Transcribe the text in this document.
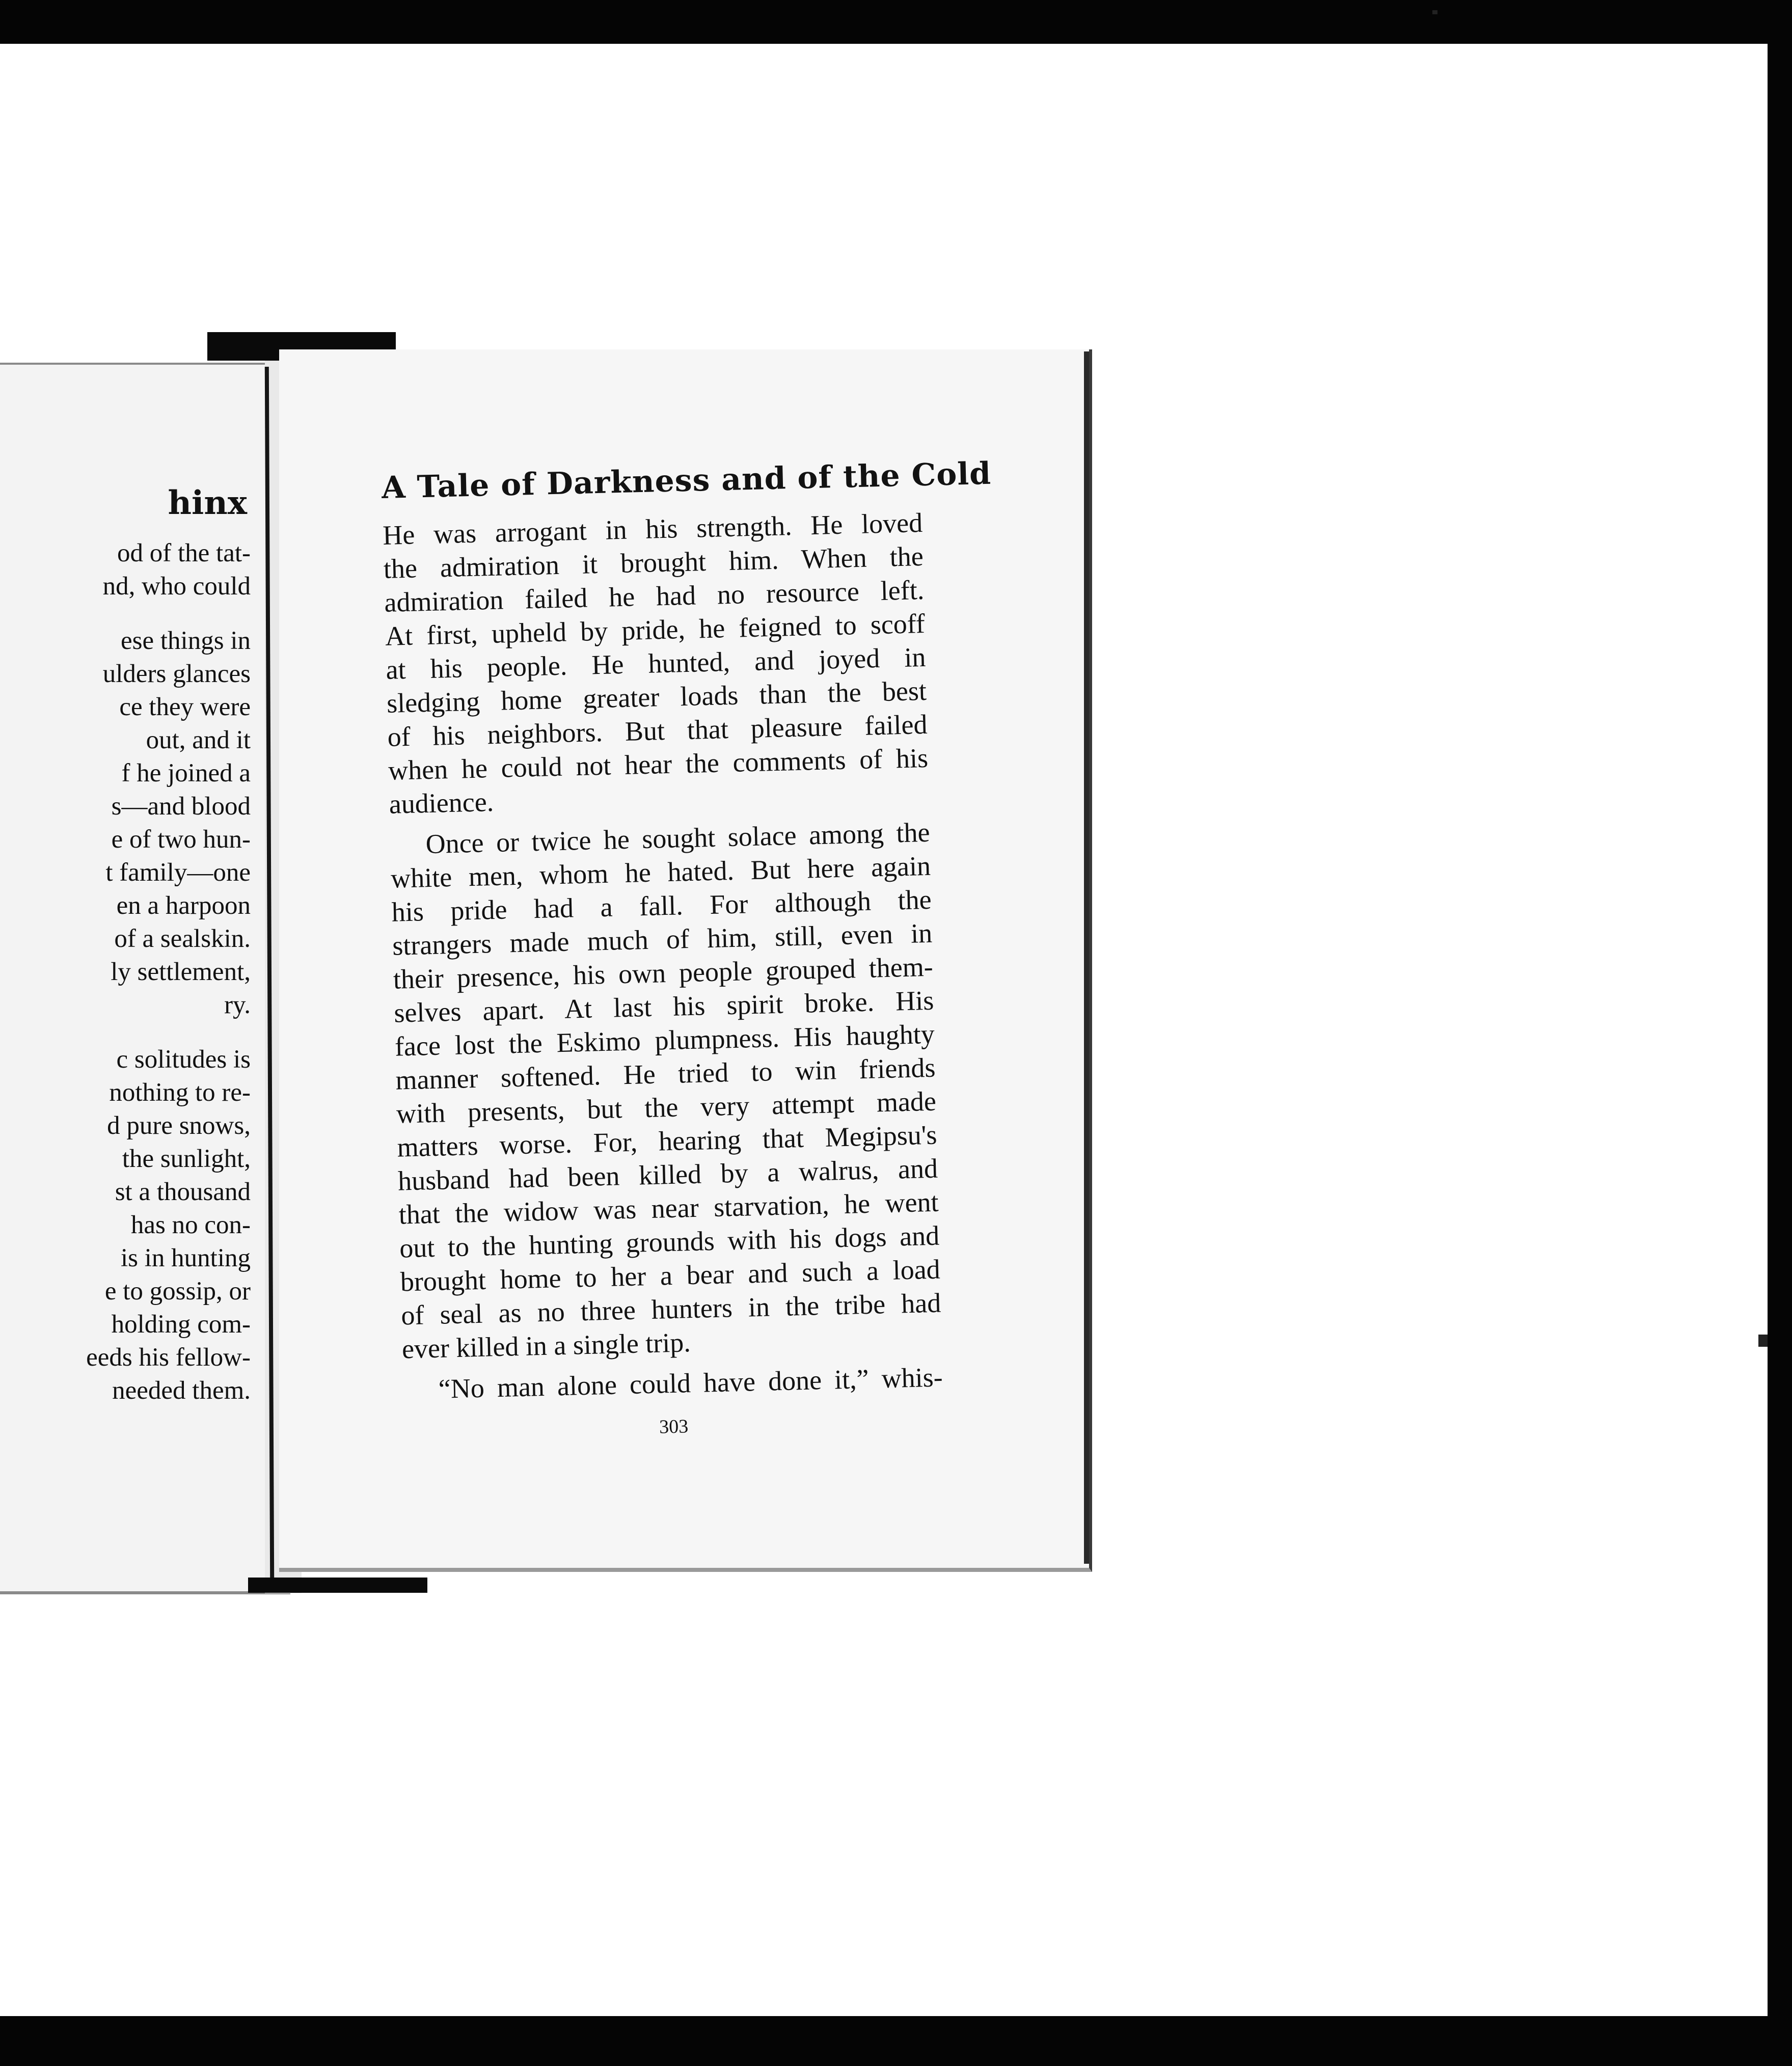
hinx
od of the tat-
nd, who could
ese things in
ulders glances
ce they were
out, and it
f he joined a
s—and blood
e of two hun-
t family—one
en a harpoon
of a sealskin.
ly settlement,
ry.
c solitudes is
nothing to re-
d pure snows,
the sunlight,
st a thousand
has no con-
is in hunting
e to gossip, or
holding com-
eeds his fellow-
needed them.
A Tale of Darkness and of the Cold

He was arrogant in his strength. He loved

the admiration it brought him. When the

admiration failed he had no resource left.

At first, upheld by pride, he feigned to scoff

at his people. He hunted, and joyed in

sledging home greater loads than the best

of his neighbors. But that pleasure failed

when he could not hear the comments of his

audience.

Once or twice he sought solace among the

white men, whom he hated. But here again

his pride had a fall. For although the

strangers made much of him, still, even in

their presence, his own people grouped them-

selves apart. At last his spirit broke. His

face lost the Eskimo plumpness. His haughty

manner softened. He tried to win friends

with presents, but the very attempt made

matters worse. For, hearing that Megipsu's

husband had been killed by a walrus, and

that the widow was near starvation, he went

out to the hunting grounds with his dogs and

brought home to her a bear and such a load

of seal as no three hunters in the tribe had

ever killed in a single trip.

“No man alone could have done it,” whis-

303
